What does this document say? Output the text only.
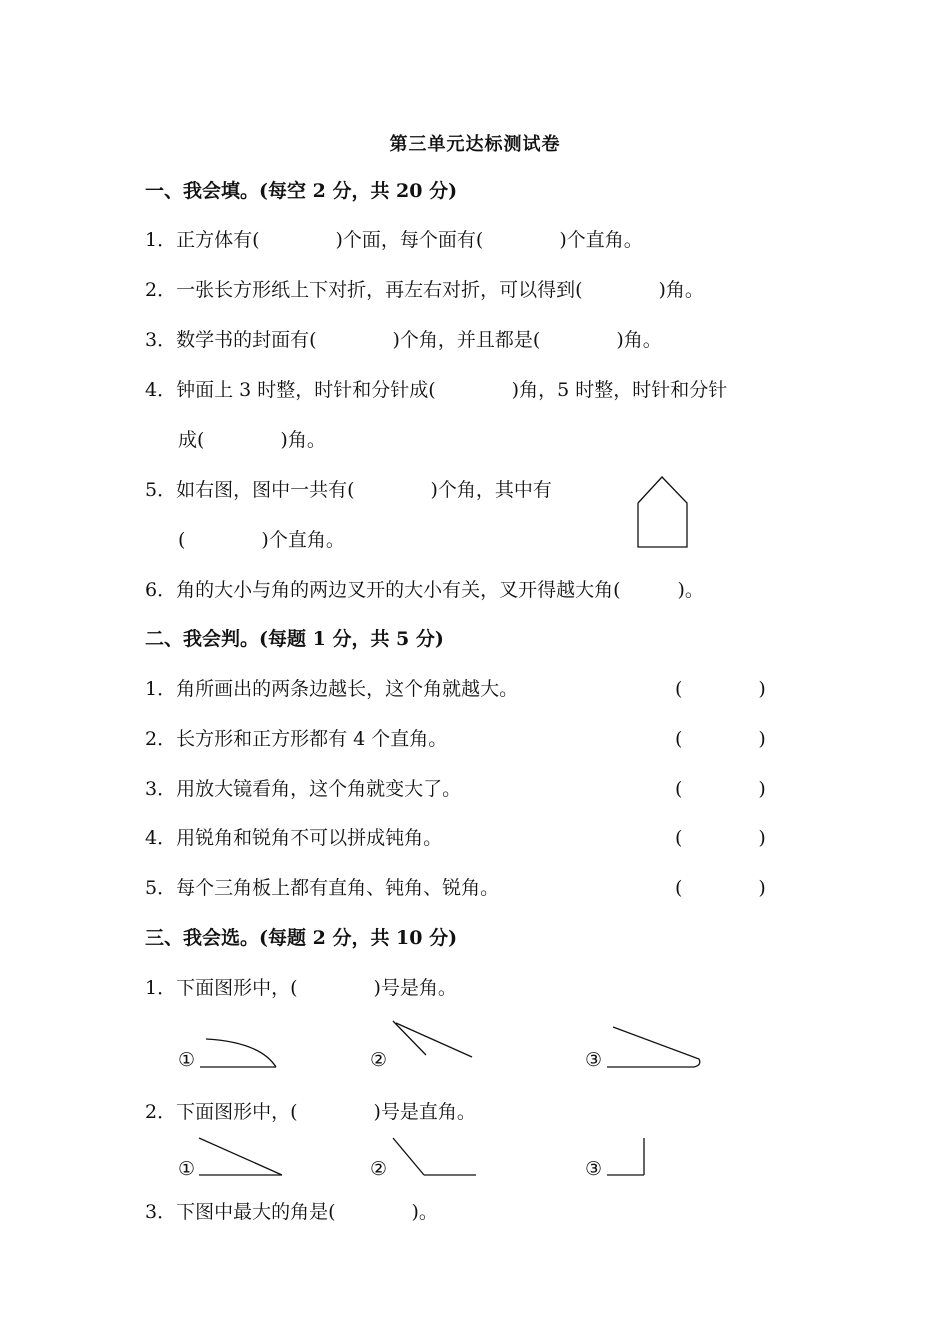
第三单元达标测试卷
一、我会填。(每空 2 分，共 20 分)
1．正方体有(　　　　)个面，每个面有(　　　　)个直角。
2．一张长方形纸上下对折，再左右对折，可以得到(　　　　)角。
3．数学书的封面有(　　　　)个角，并且都是(　　　　)角。
4．钟面上 3 时整，时针和分针成(　　　　)角，5 时整，时针和分针
成(　　　　)角。
5．如右图，图中一共有(　　　　)个角，其中有
(　　　　)个直角。
6．角的大小与角的两边叉开的大小有关，叉开得越大角(　　　)。
二、我会判。(每题 1 分，共 5 分)
1．角所画出的两条边越长，这个角就越大。	(　　　　)
2．长方形和正方形都有 4 个直角。	(　　　　)
3．用放大镜看角，这个角就变大了。	(　　　　)
4．用锐角和锐角不可以拼成钝角。	(　　　　)
5．每个三角板上都有直角、钝角、锐角。	(　　　　)
三、我会选。(每题 2 分，共 10 分)
1．下面图形中，(　　　　)号是角。
①	②	③
2．下面图形中，(　　　　)号是直角。
①	②	③
3．下图中最大的角是(　　　　)。
